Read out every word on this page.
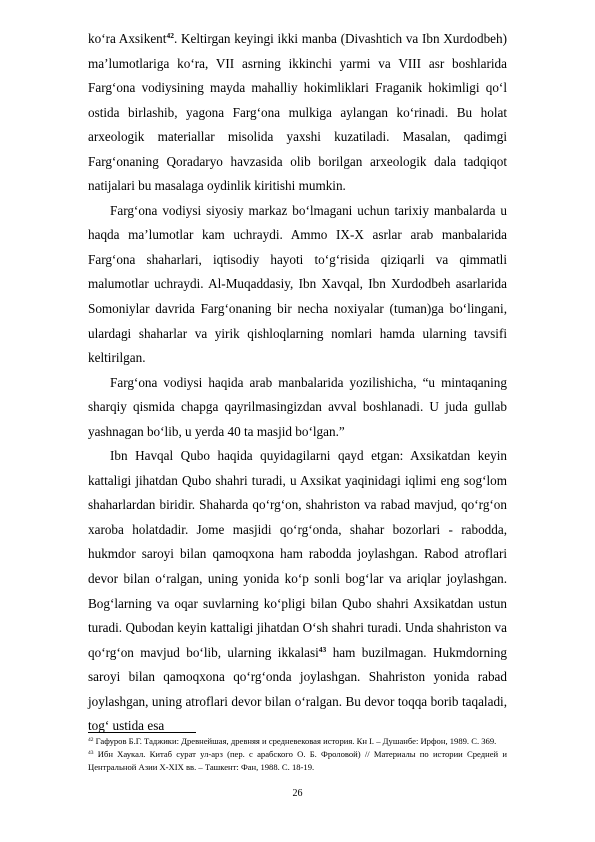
ko‘ra Axsikent$^{42}$. Keltirgan keyingi ikki manba (Divashtich va Ibn Xurdodbeh) ma’lumotlariga ko‘ra, VII asrning ikkinchi yarmi va VIII asr boshlarida Farg‘ona vodiysining mayda mahalliy hokimliklari Fraganik hokimligi qo‘l ostida birlashib, yagona Farg‘ona mulkiga aylangan ko‘rinadi. Bu holat arxeologik materiallar misolida yaxshi kuzatiladi. Masalan, qadimgi Farg‘onaning Qoradaryo havzasida olib borilgan arxeologik dala tadqiqot natijalari bu masalaga oydinlik kiritishi mumkin.

Farg‘ona vodiysi siyosiy markaz bo‘lmagani uchun tarixiy manbalarda u haqda ma’lumotlar kam uchraydi. Ammo IX-X asrlar arab manbalarida Farg‘ona shaharlari, iqtisodiy hayoti to‘g‘risida qiziqarli va qimmatli malumotlar uchraydi. Al-Muqaddasiy, Ibn Xavqal, Ibn Xurdodbeh asarlarida Somoniylar davrida Farg‘onaning bir necha noxiyalar (tuman)ga bo‘lingani, ulardagi shaharlar va yirik qishloqlarning nomlari hamda ularning tavsifi keltirilgan.

Farg‘ona vodiysi haqida arab manbalarida yozilishicha, “u mintaqaning sharqiy qismida chapga qayrilmasingizdan avval boshlanadi. U juda gullab yashnagan bo‘lib, u yerda 40 ta masjid bo‘lgan.”

Ibn Havqal Qubo haqida quyidagilarni qayd etgan: Axsikatdan keyin kattaligi jihatdan Qubo shahri turadi, u Axsikat yaqinidagi iqlimi eng sog‘lom shaharlardan biridir. Shaharda qo‘rg‘on, shahriston va rabad mavjud, qo‘rg‘on xaroba holatdadir. Jome masjidi qo‘rg‘onda, shahar bozorlari - rabodda, hukmdor saroyi bilan qamoqxona ham rabodda joylashgan. Rabod atroflari devor bilan o‘ralgan, uning yonida ko‘p sonli bog‘lar va ariqlar joylashgan. Bog‘larning va oqar suvlarning ko‘pligi bilan Qubo shahri Axsikatdan ustun turadi. Qubodan keyin kattaligi jihatdan O‘sh shahri turadi. Unda shahriston va qo‘rg‘on mavjud bo‘lib, ularning ikkalasi$^{43}$ ham buzilmagan. Hukmdorning saroyi bilan qamoqxona qo‘rg‘onda joylashgan. Shahriston yonida rabad joylashgan, uning atroflari devor bilan o‘ralgan. Bu devor toqqa borib taqaladi, tog‘ ustida esa

$^{42}$ Гафуров Б.Г. Таджики: Древнейшая, древняя и средневековая история. Кн I. – Душанбе: Ирфон, 1989. С. 369.

$^{43}$ Ибн Хаукал. Китаб сурат ул-арз (пер. с арабского О. Б. Фроловой) // Материалы по истории Средней и Центральной Азии X-XIX вв. – Ташкент: Фан, 1988. С. 18-19.

26
